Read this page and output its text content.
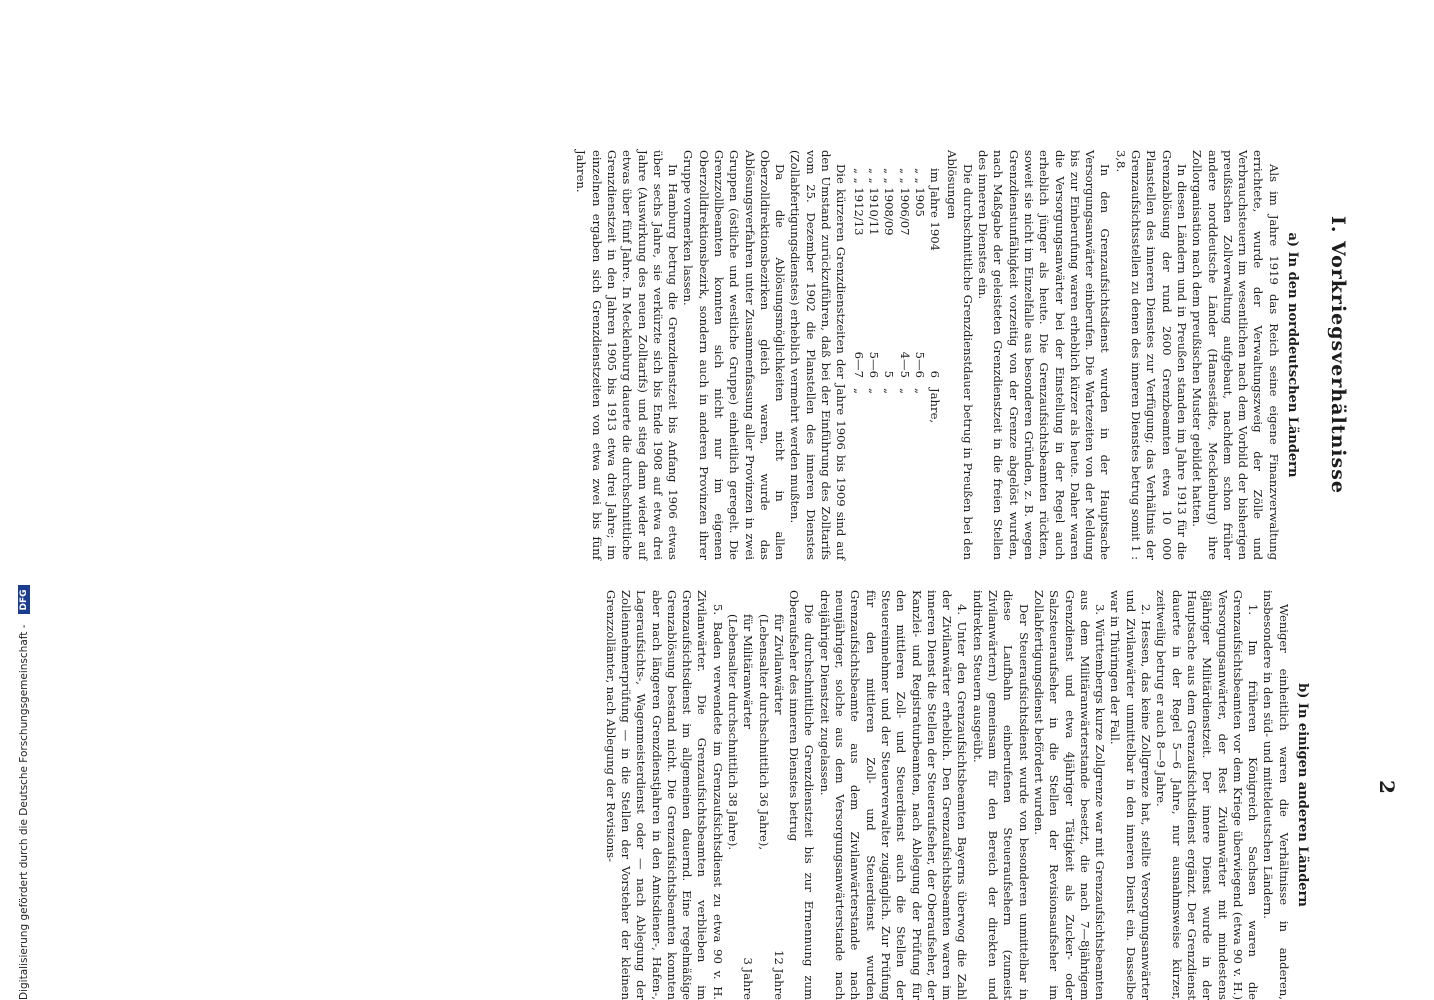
2
I. Vorkriegsverhältnisse
a) In den norddeutschen Ländern

Als im Jahre 1919 das Reich seine eigene Finanzverwaltung errichtete, wurde der Verwaltungszweig der Zölle und Verbrauchsteuern im wesentlichen nach dem Vorbild der bisherigen preußischen Zollverwaltung aufgebaut, nachdem schon früher andere norddeutsche Länder (Hansestädte, Mecklenburg) ihre Zollorganisation nach dem preußischen Muster gebildet hatten.

In diesen Ländern und in Preußen standen im Jahre 1913 für die Grenzablösung der rund 2600 Grenzbeamten etwa 10 000 Planstellen des inneren Dienstes zur Verfügung; das Verhältnis der Grenzaufsichtsstellen zu denen des inneren Dienstes betrug somit 1 : 3,8.

In den Grenzaufsichtsdienst wurden in der Hauptsache Versorgungsanwärter einberufen. Die Wartezeiten von der Meldung bis zur Einberufung waren erheblich kürzer als heute. Daher waren die Versorgungsanwärter bei der Einstellung in der Regel auch erheblich jünger als heute. Die Grenzaufsichtsbeamten rückten, soweit sie nicht im Einzelfalle aus besonderen Gründen, z. B. wegen Grenzdienstunfähigkeit vorzeitig von der Grenze abgelöst wurden, nach Maßgabe der geleisteten Grenzdienstzeit in die freien Stellen des inneren Dienstes ein.

Die durchschnittliche Grenzdienstdauer betrug in Preußen bei den Ablösungen

im Jahre 1904
6
Jahre,
„ „ 1905
5—6
„
„ „ 1906/07
4—5
„
„ „ 1908/09
5
„
„ „ 1910/11
5—6
„
„ „ 1912/13
6—7
„

Die kürzeren Grenzdienstzeiten der Jahre 1906 bis 1909 sind auf den Umstand zurückzuführen, daß bei der Einführung des Zolltarifs vom 25. Dezember 1902 die Planstellen des inneren Dienstes (Zollabfertigungsdienstes) erheblich vermehrt werden mußten.

Da die Ablösungsmöglichkeiten nicht in allen Oberzolldirektionsbezirken gleich waren, wurde das Ablösungsverfahren unter Zusammenfassung aller Provinzen in zwei Gruppen (östliche und westliche Gruppe) einheitlich geregelt. Die Grenzzollbeamten konnten sich nicht nur im eigenen Oberzolldirektionsbezirk, sondern auch in anderen Provinzen ihrer Gruppe vormerken lassen.

In Hamburg betrug die Grenzdienstzeit bis Anfang 1906 etwas über sechs Jahre, sie verkürzte sich bis Ende 1908 auf etwa drei Jahre (Auswirkung des neuen Zolltarifs) und stieg dann wieder auf etwas über fünf Jahre. In Mecklenburg dauerte die durchschnittliche Grenzdienstzeit in den Jahren 1905 bis 1913 etwa drei Jahre; im einzelnen ergaben sich Grenzdienstzeiten von etwa zwei bis fünf Jahren.

b) In einigen anderen Ländern

Weniger einheitlich waren die Verhältnisse in anderen, insbesondere in den süd- und mitteldeutschen Ländern.

1. Im früheren Königreich Sachsen waren die Grenzaufsichtsbeamten vor dem Kriege überwiegend (etwa 90 v. H.) Versorgungsanwärter, der Rest Zivilanwärter mit mindestens 8jähriger Militärdienstzeit. Der innere Dienst wurde in der Hauptsache aus dem Grenzaufsichtsdienst ergänzt. Der Grenzdienst dauerte in der Regel 5—6 Jahre, nur ausnahmsweise kürzer, zeitweilig betrug er auch 8—9 Jahre.

2. Hessen, das keine Zollgrenze hat, stellte Versorgungsanwärter und Zivilanwärter unmittelbar in den inneren Dienst ein. Dasselbe war in Thüringen der Fall.

3. Württembergs kurze Zollgrenze war mit Grenzaufsichtsbeamten aus dem Militäranwärterstande besetzt, die nach 7—8jährigem Grenzdienst und etwa 4jähriger Tätigkeit als Zucker- oder Salzsteueraufseher in die Stellen der Revisionsaufseher im Zollabfertigungsdienst befördert wurden.

Der Steueraufsichtsdienst wurde von besonderen unmittelbar in diese Laufbahn einberufenen Steueraufsehern (zumeist Zivilanwärtern) gemeinsam für den Bereich der direkten und indirekten Steuern ausgeübt.

4. Unter den Grenzaufsichtsbeamten Bayerns überwog die Zahl der Zivilanwärter erheblich. Den Grenzaufsichtsbeamten waren im inneren Dienst die Stellen der Steueraufseher, der Oberaufseher, der Kanzlei- und Registraturbeamten, nach Ablegung der Prüfung für den mittleren Zoll- und Steuerdienst auch die Stellen der Steuereinnehmer und der Steuerverwalter zugänglich. Zur Prüfung für den mittleren Zoll- und Steuerdienst wurden Grenzaufsichtsbeamte aus dem Zivilanwärterstande nach neunjähriger, solche aus dem Versorgungsanwärterstande nach dreijähriger Dienstzeit zugelassen.

Die durchschnittliche Grenzdienstzeit bis zur Ernennung zum Oberaufseher des inneren Dienstes betrug

für Zivilanwärter
12 Jahre
(Lebensalter durchschnittlich 36 Jahre),
für Militäranwärter
3 Jahre
(Lebensalter durchschnittlich 38 Jahre).

5. Baden verwendete im Grenzaufsichtsdienst zu etwa 90 v. H. Zivilanwärter. Die Grenzaufsichtsbeamten verblieben im Grenzaufsichtsdienst im allgemeinen dauernd. Eine regelmäßige Grenzablösung bestand nicht. Die Grenzaufsichtsbeamten konnten aber nach längeren Grenzdienstjahren in den Amtsdiener-, Hafen-, Lageraufsichts-, Wagenmeisterdienst oder — nach Ablegung der Zolleinnehmerprüfung — in die Stellen der Vorsteher der kleinen Grenzzollämter, nach Ablegung der Revisions-

Digitalisierung gefördert durch die Deutsche Forschungsgemeinschaft -
DFG
